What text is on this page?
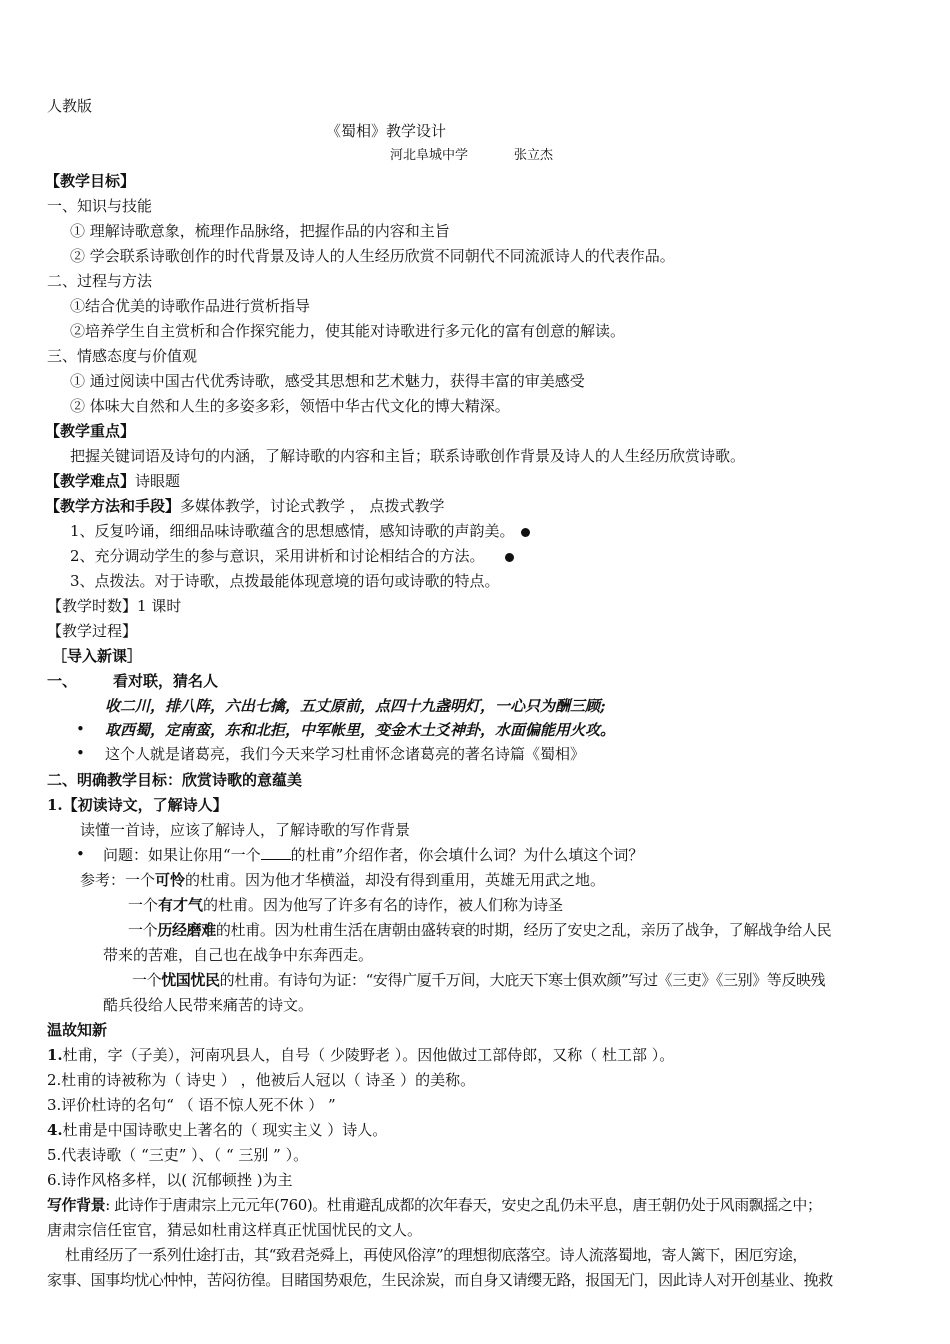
人教版
《蜀相》教学设计
河北阜城中学	张立杰
【教学目标】
一、知识与技能
① 理解诗歌意象，梳理作品脉络，把握作品的内容和主旨
② 学会联系诗歌创作的时代背景及诗人的人生经历欣赏不同朝代不同流派诗人的代表作品。
二、过程与方法
①结合优美的诗歌作品进行赏析指导
②培养学生自主赏析和合作探究能力，使其能对诗歌进行多元化的富有创意的解读。
三、情感态度与价值观
① 通过阅读中国古代优秀诗歌，感受其思想和艺术魅力，获得丰富的审美感受
② 体味大自然和人生的多姿多彩，领悟中华古代文化的博大精深。
【教学重点】
把握关键词语及诗句的内涵，了解诗歌的内容和主旨；联系诗歌创作背景及诗人的人生经历欣赏诗歌。
【教学难点】诗眼题
【教学方法和手段】多媒体教学，讨论式教学 ， 点拨式教学
1、反复吟诵，细细品味诗歌蕴含的思想感情，感知诗歌的声韵美。
2、充分调动学生的参与意识，采用讲析和讨论相结合的方法。
3、点拨法。对于诗歌，点拨最能体现意境的语句或诗歌的特点。
【教学时数】1 课时
【教学过程】
［导入新课］
一、 看对联，猜名人
收二川，排八阵，六出七擒，五丈原前，点四十九盏明灯，一心只为酬三顾;
• 取西蜀，定南蛮，东和北拒，中军帐里，变金木土爻神卦，水面偏能用火攻。
• 这个人就是诸葛亮，我们今天来学习杜甫怀念诸葛亮的著名诗篇《蜀相》
二、明确教学目标：欣赏诗歌的意蕴美
1.【初读诗文，了解诗人】
读懂一首诗，应该了解诗人，了解诗歌的写作背景
• 问题：如果让你用“一个 的杜甫”介绍作者，你会填什么词？为什么填这个词？
参考：一个可怜的杜甫。因为他才华横溢，却没有得到重用，英雄无用武之地。
一个有才气的杜甫。因为他写了许多有名的诗作，被人们称为诗圣
一个历经磨难的杜甫。因为杜甫生活在唐朝由盛转衰的时期，经历了安史之乱，亲历了战争，了解战争给人民
带来的苦难，自己也在战争中东奔西走。
一个忧国忧民的杜甫。有诗句为证：“安得广厦千万间，大庇天下寒士俱欢颜”写过《三吏》《三别》等反映残
酷兵役给人民带来痛苦的诗文。
温故知新
1.杜甫，字（子美），河南巩县人，自号（ 少陵野老 ）。因他做过工部侍郎，又称（ 杜工部 ）。
2.杜甫的诗被称为（ 诗史 ） ，他被后人冠以（ 诗圣 ）的美称。
3.评价杜诗的名句“ （ 语不惊人死不休 ） ”
4.杜甫是中国诗歌史上著名的（ 现实主义 ）诗人。
5.代表诗歌（ “三吏” ）、（ “ 三别 ” ）。
6.诗作风格多样，以( 沉郁顿挫 )为主
写作背景: 此诗作于唐肃宗上元元年(760)。杜甫避乱成都的次年春天，安史之乱仍未平息，唐王朝仍处于风雨飘摇之中；
唐肃宗信任宦官，猜忌如杜甫这样真正忧国忧民的文人。
杜甫经历了一系列仕途打击，其“致君尧舜上，再使风俗淳”的理想彻底落空。诗人流落蜀地，寄人篱下，困厄穷途，
家事、国事均忧心忡忡，苦闷彷徨。目睹国势艰危，生民涂炭，而自身又请缨无路，报国无门，因此诗人对开创基业、挽救
